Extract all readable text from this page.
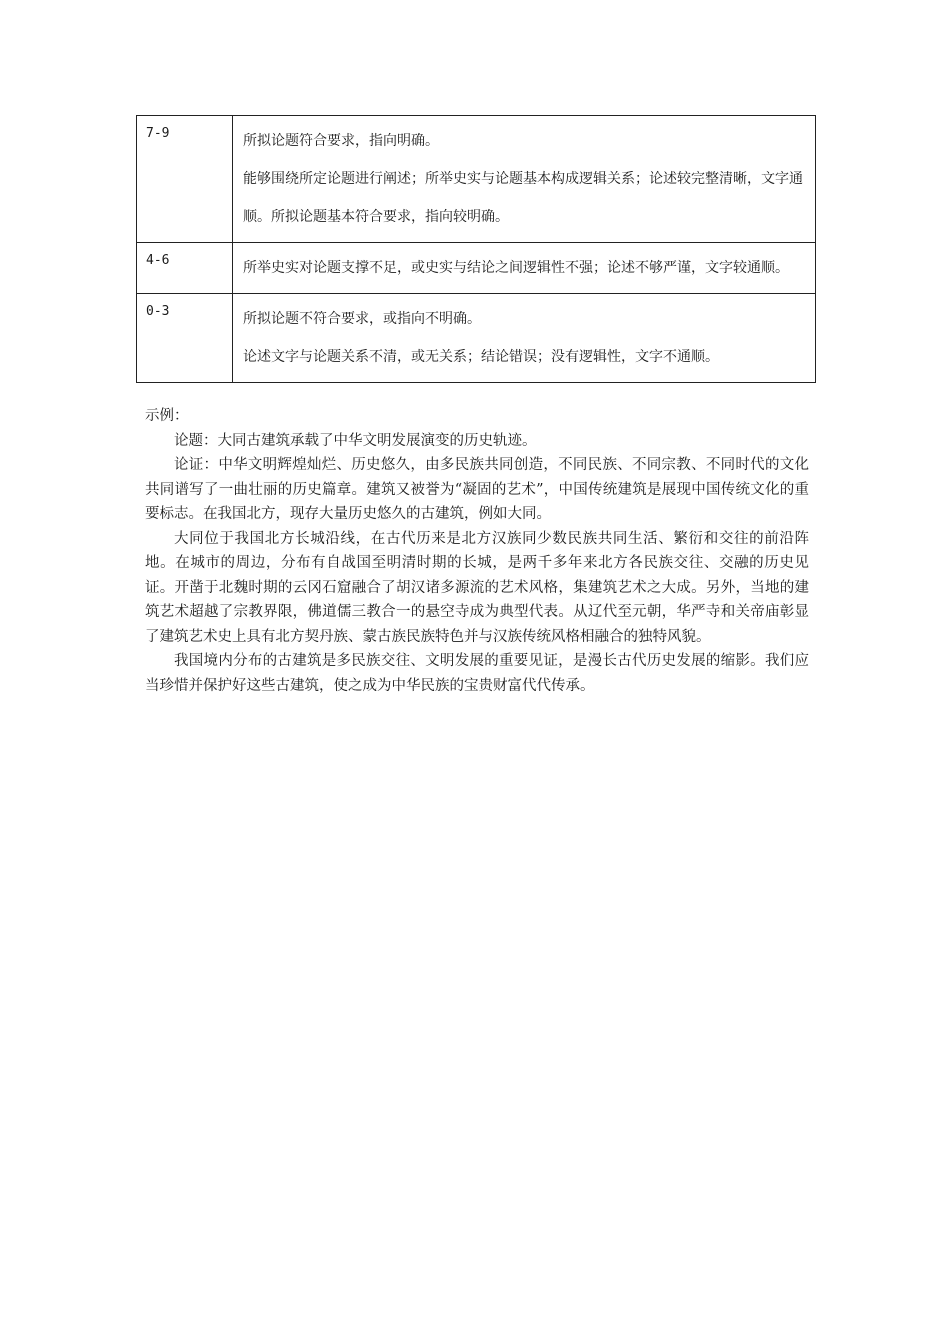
7-9	所拟论题符合要求，指向明确。
能够围绕所定论题进行阐述；所举史实与论题基本构成逻辑关系；论述较完整清晰，文字通顺。所拟论题基本符合要求，指向较明确。

4-6	所举史实对论题支撑不足，或史实与结论之间逻辑性不强；论述不够严谨，文字较通顺。

0-3	所拟论题不符合要求，或指向不明确。
论述文字与论题关系不清，或无关系；结论错误；没有逻辑性，文字不通顺。

示例：

论题：大同古建筑承载了中华文明发展演变的历史轨迹。

论证：中华文明辉煌灿烂、历史悠久，由多民族共同创造，不同民族、不同宗教、不同时代的文化共同谱写了一曲壮丽的历史篇章。建筑又被誉为“凝固的艺术”，中国传统建筑是展现中国传统文化的重要标志。在我国北方，现存大量历史悠久的古建筑，例如大同。

大同位于我国北方长城沿线，在古代历来是北方汉族同少数民族共同生活、繁衍和交往的前沿阵地。在城市的周边，分布有自战国至明清时期的长城，是两千多年来北方各民族交往、交融的历史见证。开凿于北魏时期的云冈石窟融合了胡汉诸多源流的艺术风格，集建筑艺术之大成。另外，当地的建筑艺术超越了宗教界限，佛道儒三教合一的悬空寺成为典型代表。从辽代至元朝，华严寺和关帝庙彰显了建筑艺术史上具有北方契丹族、蒙古族民族特色并与汉族传统风格相融合的独特风貌。

我国境内分布的古建筑是多民族交往、文明发展的重要见证，是漫长古代历史发展的缩影。我们应当珍惜并保护好这些古建筑，使之成为中华民族的宝贵财富代代传承。
